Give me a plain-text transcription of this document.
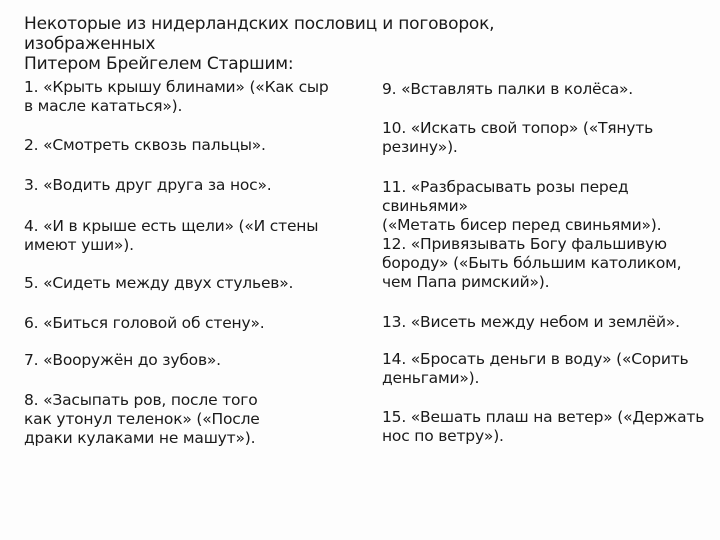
Некоторые из нидерландских пословиц и поговорок, изображенных
Питером Брейгелем Старшим:
1. «Крыть крышу блинами» («Как сыр
в масле кататься»).
2. «Смотреть сквозь пальцы».
3. «Водить друг друга за нос».
4. «И в крыше есть щели» («И стены
имеют уши»).
5. «Сидеть между двух стульев».
6. «Биться головой об стену».
7. «Вооружён до зубов».
8. «Засыпать ров, после того
как утонул теленок» («После
драки кулаками не машут»).
9. «Вставлять палки в колёса».
10. «Искать свой топор» («Тянуть
резину»).
11. «Разбрасывать розы перед свиньями»
(«Метать бисер перед свиньями»).
12. «Привязывать Богу фальшивую
бороду» («Быть бóльшим католиком,
чем Папа римский»).
13. «Висеть между небом и землёй».
14. «Бросать деньги в воду» («Сорить
деньгами»).
15. «Вешать плаш на ветер» («Держать
нос по ветру»).
